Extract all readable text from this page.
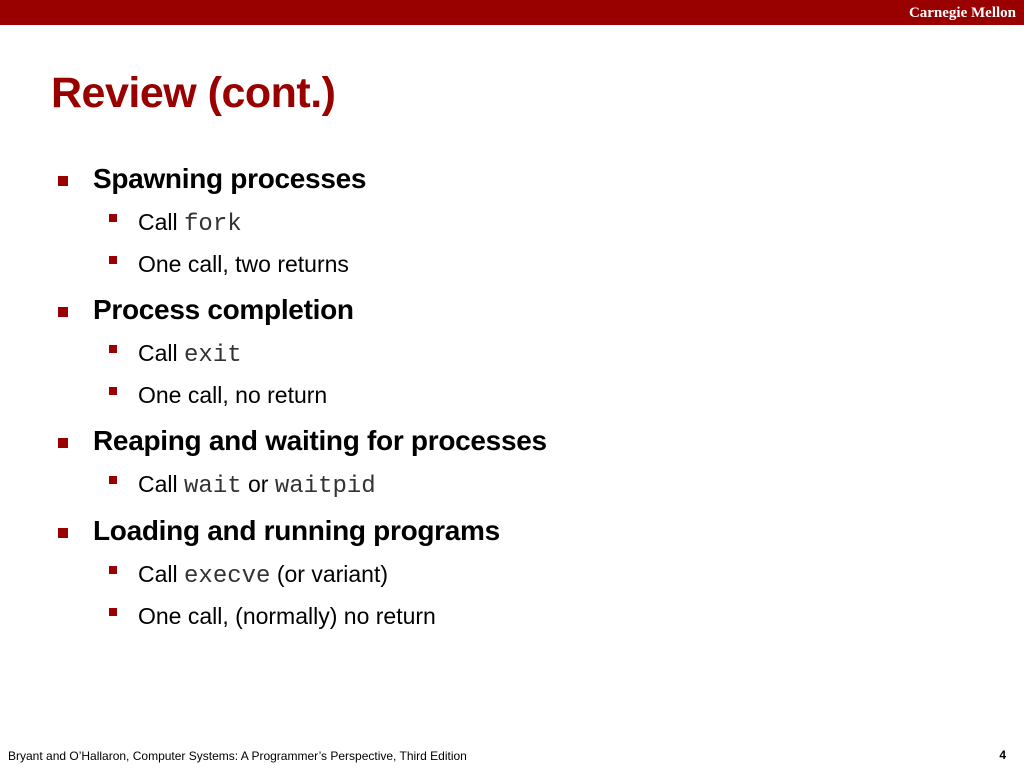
Carnegie Mellon
Review (cont.)
Spawning processes
Call fork
One call, two returns
Process completion
Call exit
One call, no return
Reaping and waiting for processes
Call wait or waitpid
Loading and running programs
Call execve (or variant)
One call, (normally) no return
Bryant and O’Hallaron, Computer Systems: A Programmer’s Perspective, Third Edition	4
